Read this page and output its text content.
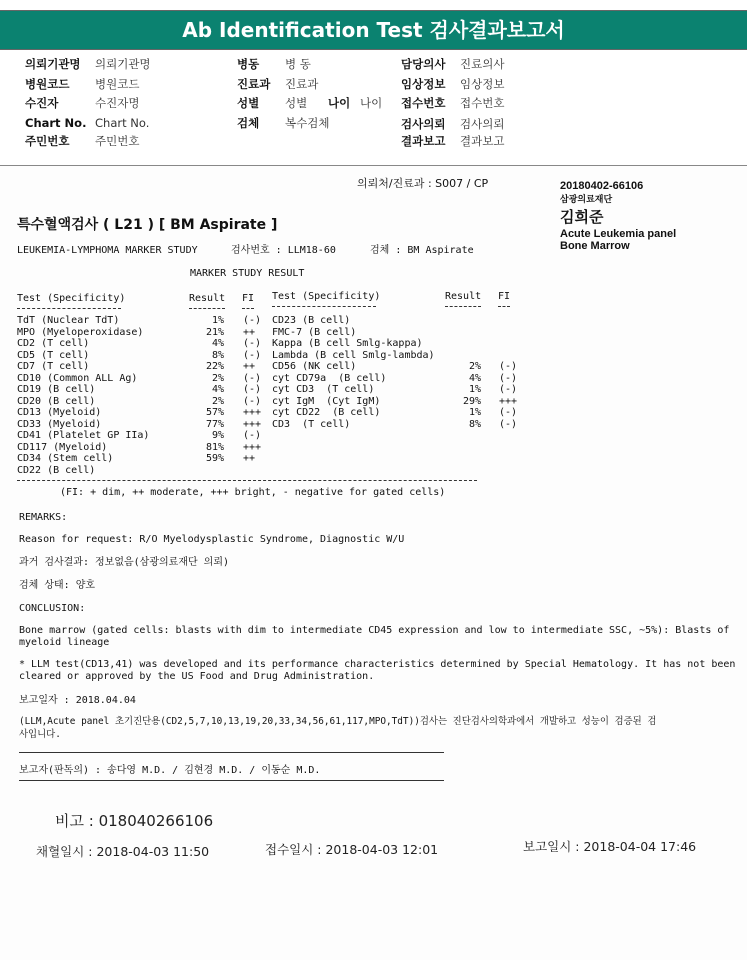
Ab Identification Test 검사결과보고서
의뢰기관명 의뢰기관명
병원코드 병원코드
수진자	수진자명
Chart No. Chart No.
주민번호 주민번호
병동 병 동
진료과 진료과
성별 성별
검체 복수검체
담당의사 진료의사
임상정보 임상정보
접수번호 접수번호
검사의뢰 검사의뢰
결과보고 결과보고
나이 나이
의뢰처/진료과 : S007 / CP	20180402-66106
삼광의료재단
김희준
Acute Leukemia panel
Bone Marrow
특수혈액검사 ( L21 ) [ BM Aspirate ]
LEUKEMIA-LYMPHOMA MARKER STUDY	검사번호 : LLM18-60	검체 : BM Aspirate
MARKER STUDY RESULT
Test (Specificity)	Result FI Test (Specificity)	Result FI
TdT (Nuclear TdT)	1% (-)
MPO (Myeloperoxidase)	21% ++
CD2 (T cell)	4% (-)
CD5 (T cell)	8% (-)
CD7 (T cell)	22% ++
CD10 (Common ALL Ag)	2% (-)
CD19 (B cell)	4% (-)
CD20 (B cell)	2% (-)
CD13 (Myeloid)	57% +++
CD33 (Myeloid)	77% +++
CD41 (Platelet GP IIa)	9% (-)
CD117 (Myeloid)	81% +++
CD34 (Stem cell)	59% ++
CD22 (B cell)
CD23 (B cell)
FMC-7 (B cell)
Kappa (B cell Smlg-kappa)
Lambda (B cell Smlg-lambda)
CD56 (NK cell)	2% (-)
cyt CD79a  (B cell)	4% (-)
cyt CD3  (T cell)	1% (-)
cyt IgM  (Cyt IgM)	29% +++
cyt CD22  (B cell)	1% (-)
CD3  (T cell)	8% (-)
(FI: + dim, ++ moderate, +++ bright, - negative for gated cells)
REMARKS:
Reason for request: R/O Myelodysplastic Syndrome, Diagnostic W/U
과거 검사결과: 정보없음(삼광의료재단 의뢰)
검체 상태: 양호
CONCLUSION:
Bone marrow (gated cells: blasts with dim to intermediate CD45 expression and low to intermediate SSC, ~5%): Blasts of
myeloid lineage
* LLM test(CD13,41) was developed and its performance characteristics determined by Special Hematology. It has not been
cleared or approved by the US Food and Drug Administration.
보고일자 : 2018.04.04
(LLM,Acute panel 초기진단용(CD2,5,7,10,13,19,20,33,34,56,61,117,MPO,TdT))검사는 진단검사의학과에서 개발하고 성능이 검증된 검
사입니다.
보고자(판독의) : 송다영 M.D. / 김현경 M.D. / 이동순 M.D.
비고 : 018040266106
채혈일시 : 2018-04-03 11:50	접수일시 : 2018-04-03 12:01	보고일시 : 2018-04-04 17:46
